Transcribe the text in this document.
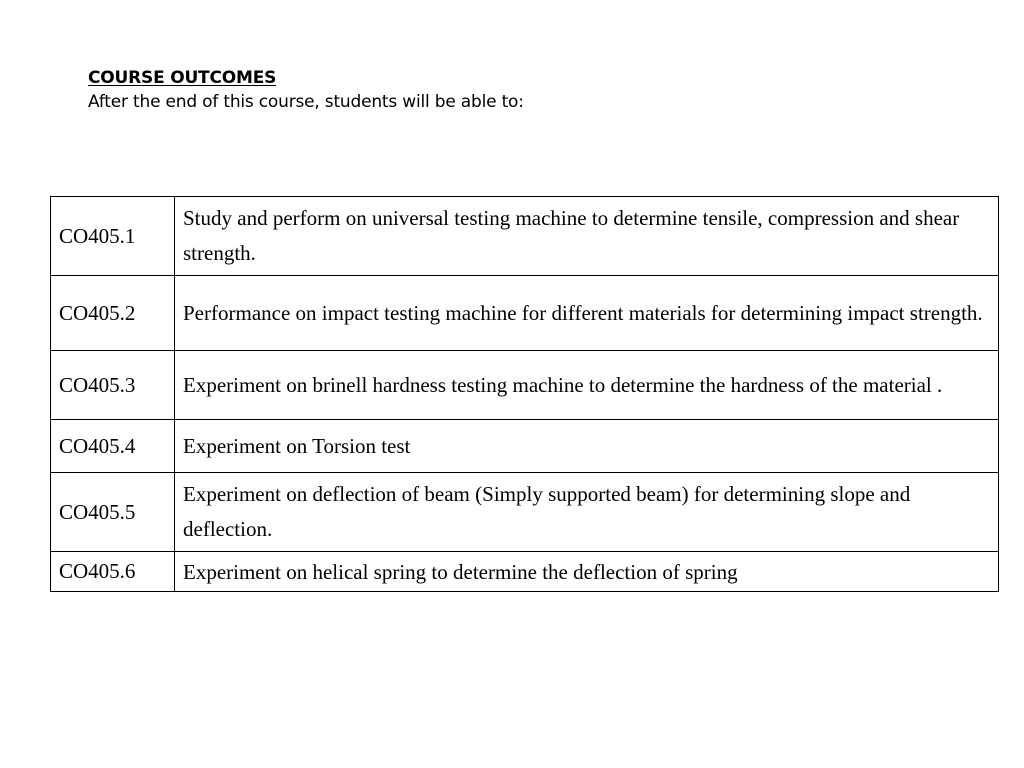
COURSE OUTCOMES
After the end of this course, students will be able to:
CO405.1	Study and perform on universal testing machine to determine tensile, compression and shear strength.
CO405.2	Performance on impact testing machine for different materials for determining impact strength.
CO405.3	Experiment on brinell hardness testing machine to determine the hardness of the material .
CO405.4	Experiment on Torsion test
CO405.5	Experiment on deflection of beam (Simply supported beam) for determining slope and deflection.
CO405.6	Experiment on helical spring to determine the deflection of spring
